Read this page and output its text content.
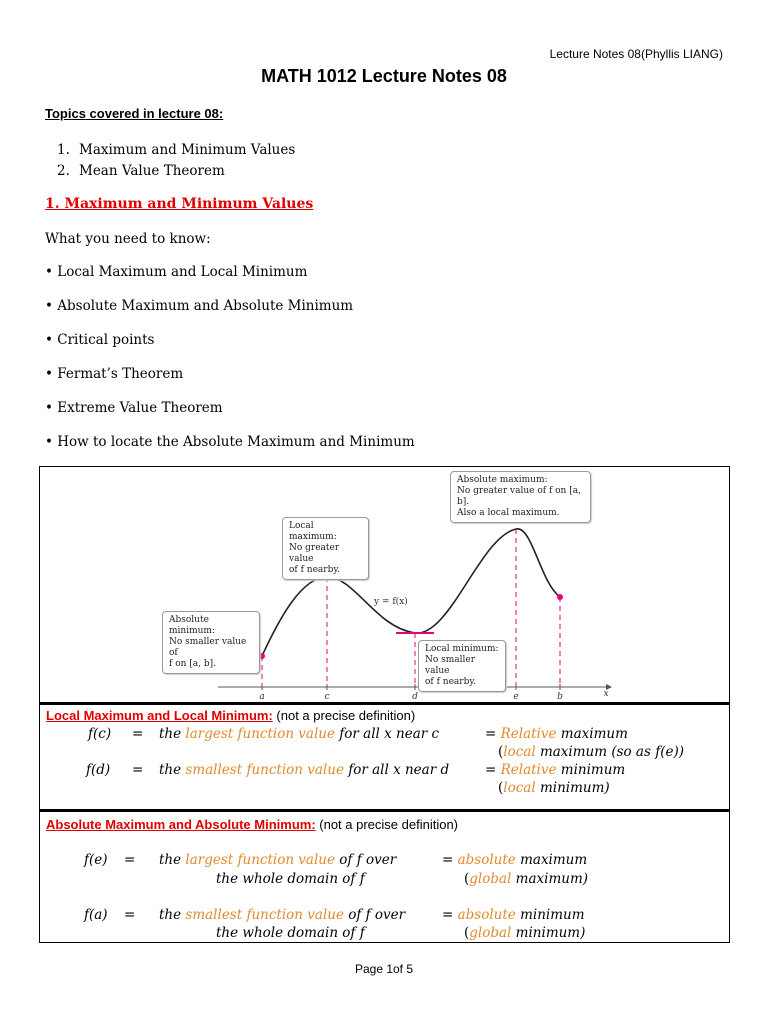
Lecture Notes 08(Phyllis LIANG)
MATH 1012 Lecture Notes 08
Topics covered in lecture 08:
1. Maximum and Minimum Values
2. Mean Value Theorem
1. Maximum and Minimum Values
What you need to know:
• Local Maximum and Local Minimum
• Absolute Maximum and Absolute Minimum
• Critical points
• Fermat’s Theorem
• Extreme Value Theorem
• How to locate the Absolute Maximum and Minimum
a	c	d	e	b	x
y = f(x)
Absolute minimum:
No smaller value of
f on [a, b].
Local maximum:
No greater value
of f nearby.
Local minimum:
No smaller value
of f nearby.
Absolute maximum:
No greater value of f on [a, b].
Also a local maximum.
Local Maximum and Local Minimum: (not a precise definition)
f(c) = the largest function value for all x near c	= Relative maximum
(local maximum (so as f(e))
f(d) = the smallest function value for all x near d	= Relative minimum
(local minimum)
Absolute Maximum and Absolute Minimum: (not a precise definition)
f(e) = the largest function value of f over
the whole domain of f
= absolute maximum
(global maximum)
f(a) = the smallest function value of f over
the whole domain of f
= absolute minimum
(global minimum)
Page 1of 5
